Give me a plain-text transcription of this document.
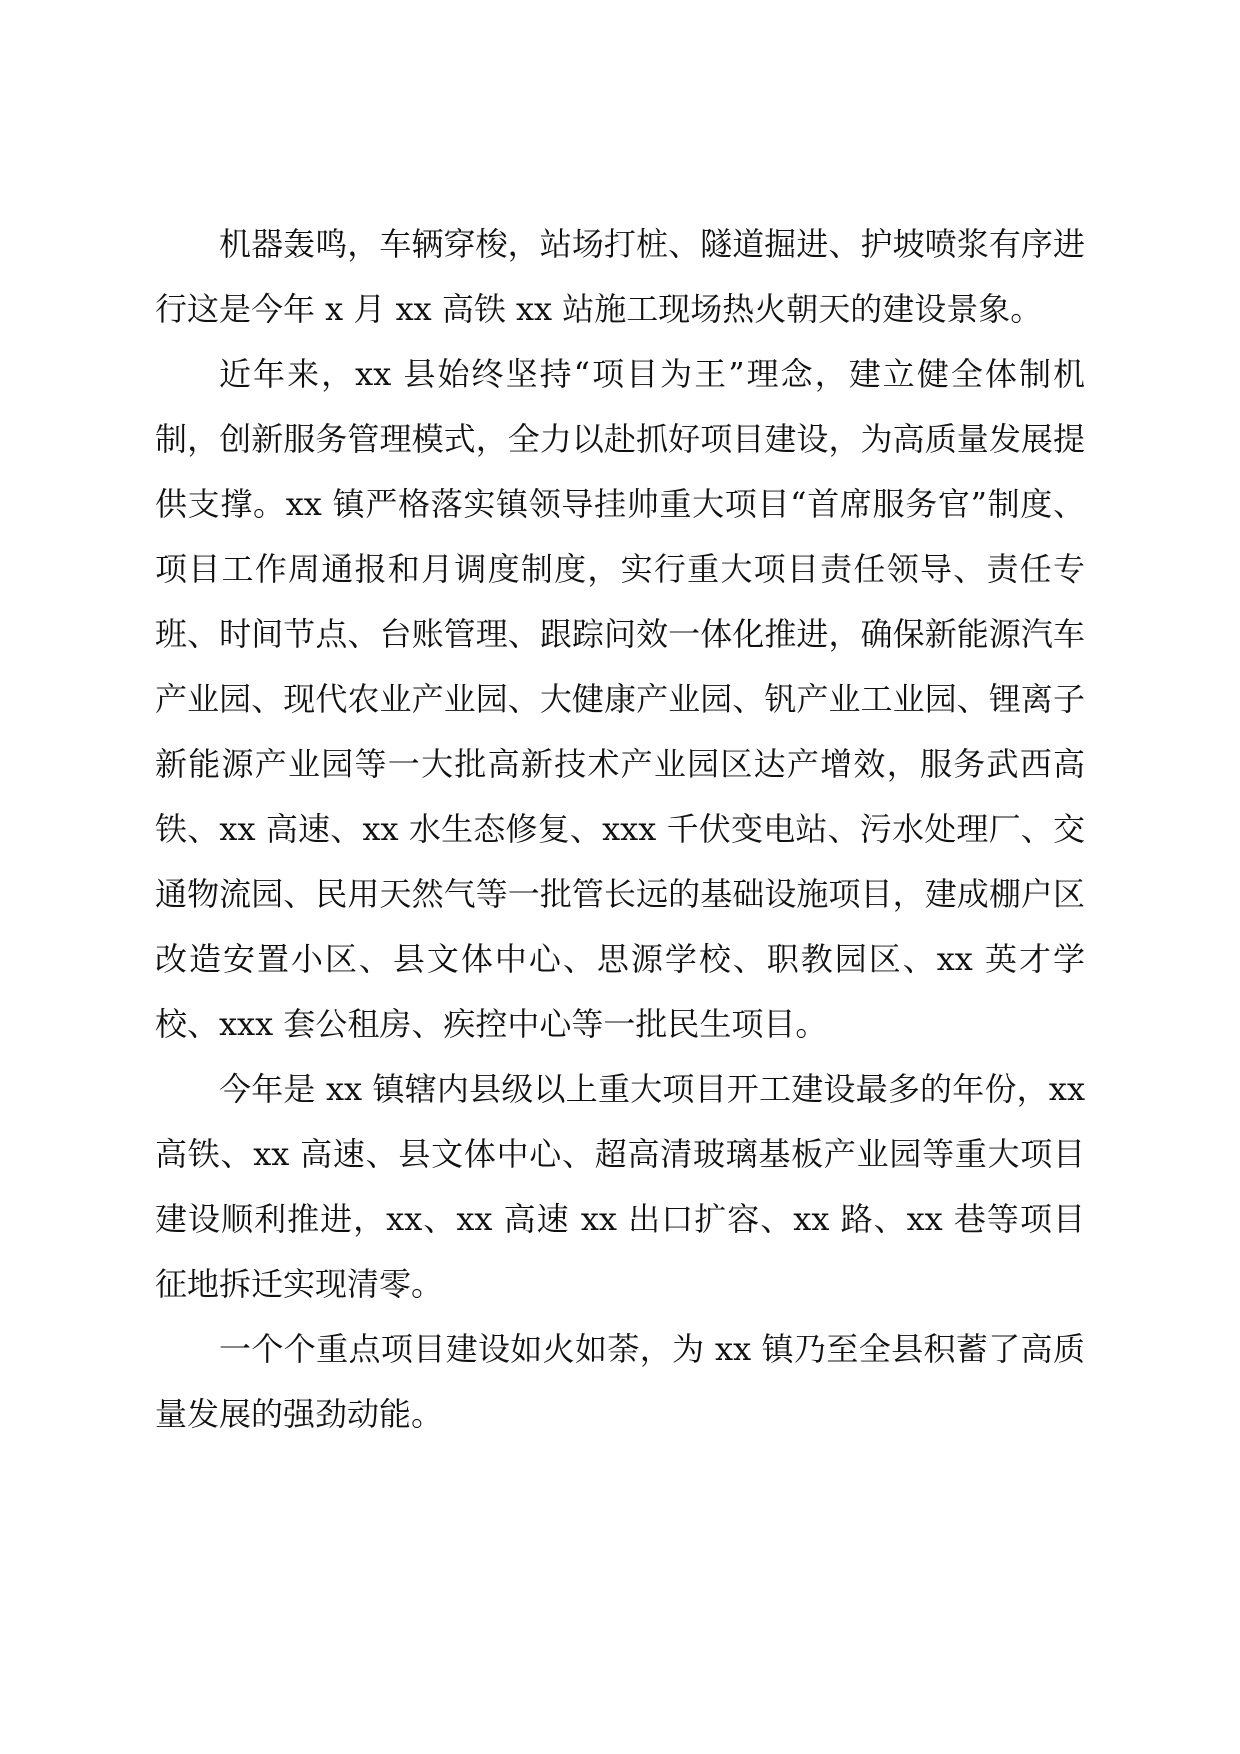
机器轰鸣，车辆穿梭，站场打桩、隧道掘进、护坡喷浆有序进行这是今年 x 月 xx 高铁 xx 站施工现场热火朝天的建设景象。

近年来，xx 县始终坚持“项目为王”理念，建立健全体制机制，创新服务管理模式，全力以赴抓好项目建设，为高质量发展提供支撑。xx 镇严格落实镇领导挂帅重大项目“首席服务官”制度、项目工作周通报和月调度制度，实行重大项目责任领导、责任专班、时间节点、台账管理、跟踪问效一体化推进，确保新能源汽车产业园、现代农业产业园、大健康产业园、钒产业工业园、锂离子新能源产业园等一大批高新技术产业园区达产增效，服务武西高铁、xx 高速、xx 水生态修复、xxx 千伏变电站、污水处理厂、交通物流园、民用天然气等一批管长远的基础设施项目，建成棚户区改造安置小区、县文体中心、思源学校、职教园区、xx 英才学校、xxx 套公租房、疾控中心等一批民生项目。

今年是 xx 镇辖内县级以上重大项目开工建设最多的年份，xx 高铁、xx 高速、县文体中心、超高清玻璃基板产业园等重大项目建设顺利推进，xx、xx 高速 xx 出口扩容、xx 路、xx 巷等项目征地拆迁实现清零。

一个个重点项目建设如火如荼，为 xx 镇乃至全县积蓄了高质量发展的强劲动能。
